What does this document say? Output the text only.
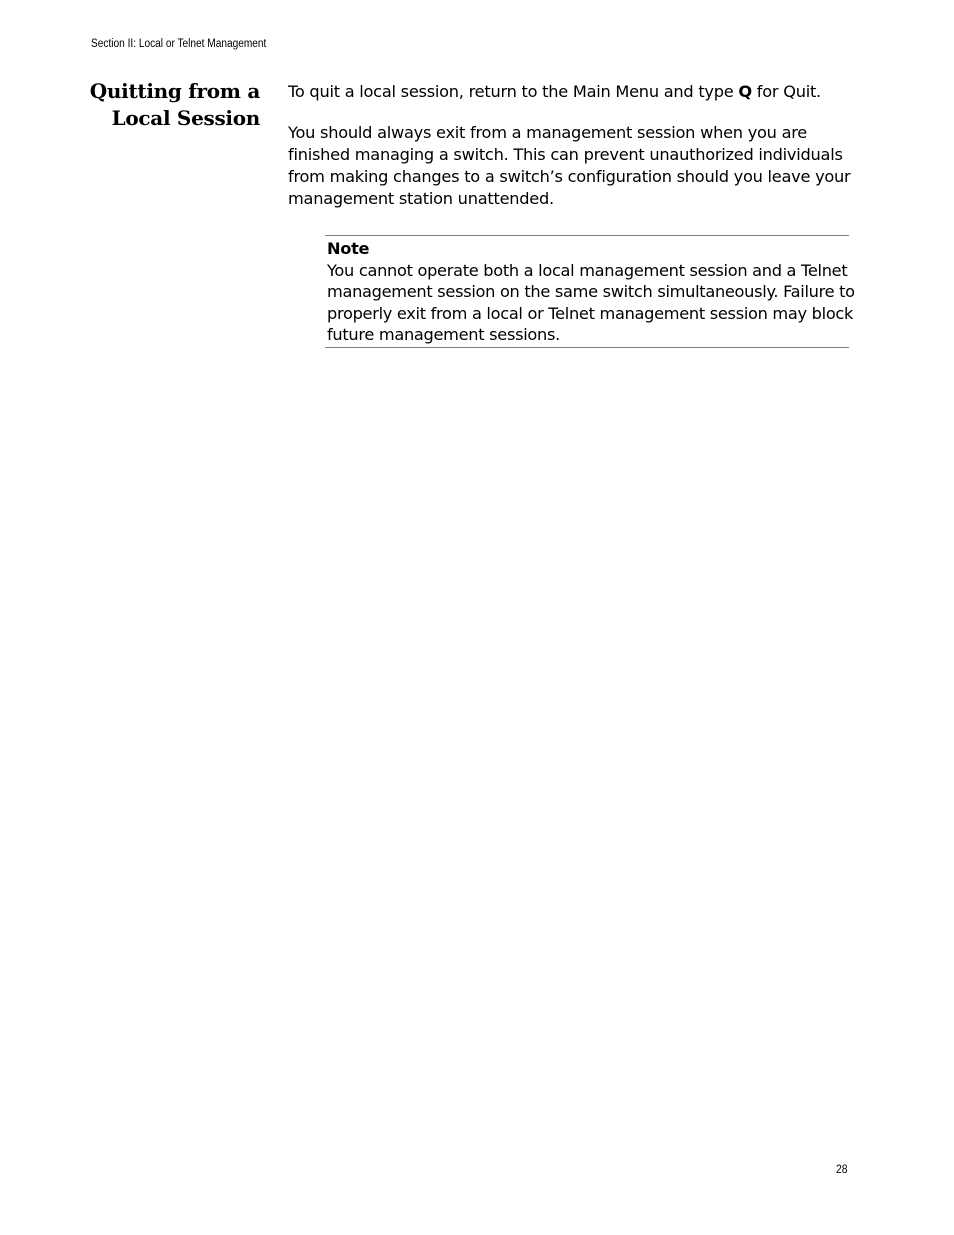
Section II: Local or Telnet Management
Quitting from a
Local Session

To quit a local session, return to the Main Menu and type Q for Quit.

You should always exit from a management session when you are
finished managing a switch. This can prevent unauthorized individuals
from making changes to a switch’s configuration should you leave your
management station unattended.

Note
You cannot operate both a local management session and a Telnet
management session on the same switch simultaneously. Failure to
properly exit from a local or Telnet management session may block
future management sessions.
28
